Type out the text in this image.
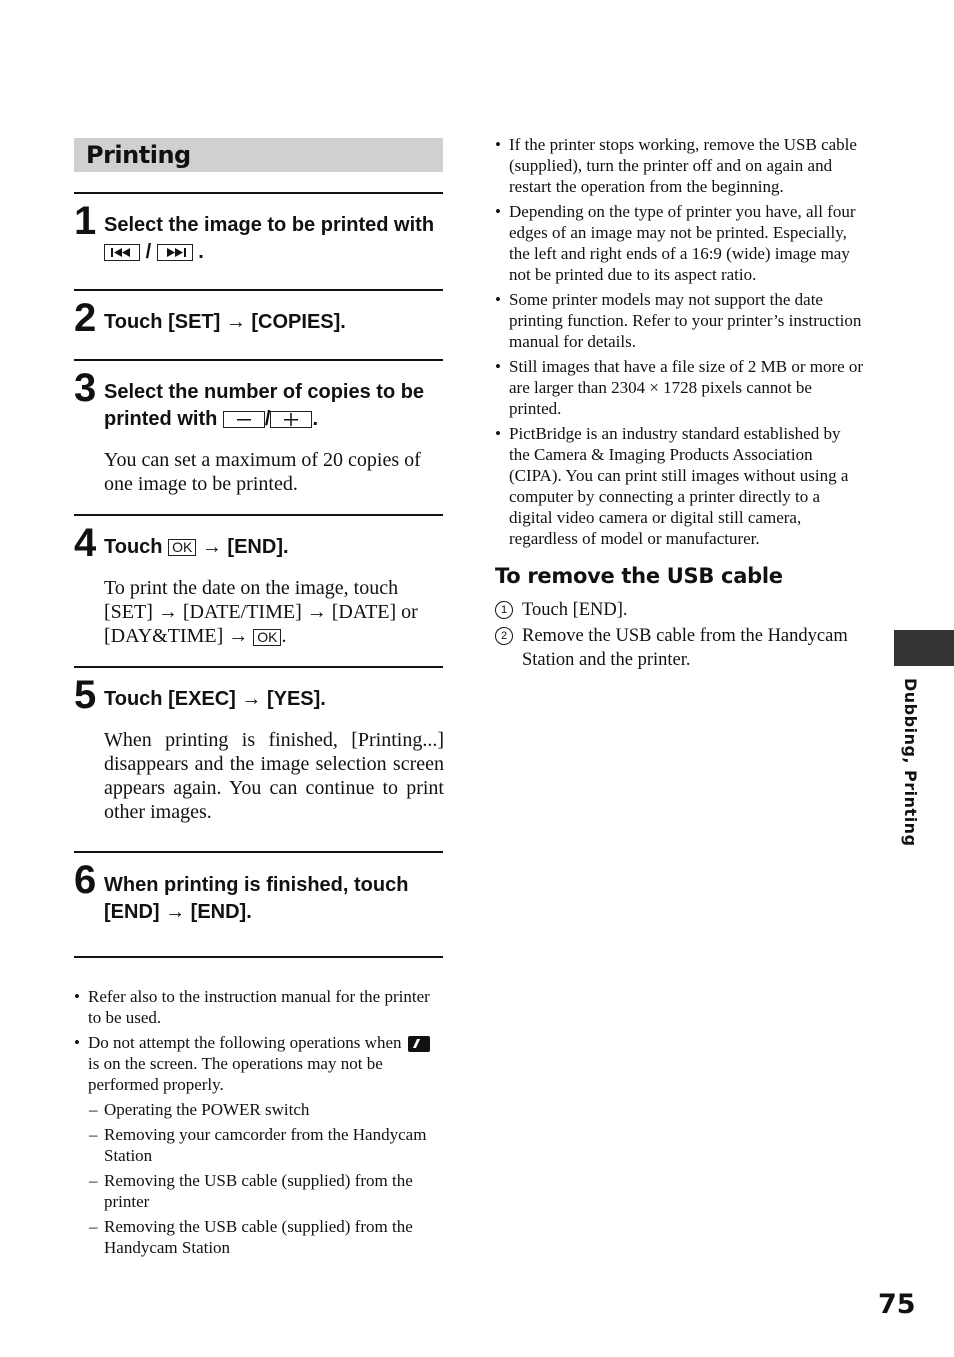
Printing
1 Select the image to be printed with

/ .
2 Touch [SET] → [COPIES].
3 Select the number of copies to be
printed with / .
You can set a maximum of 20 copies of one image to be printed.
4 Touch OK → [END].
To print the date on the image, touch [SET] → [DATE/TIME] → [DATE] or [DAY&TIME] → OK .
5 Touch [EXEC] → [YES].
When printing is finished, [Printing...] disappears and the image selection screen appears again. You can continue to print other images.
6 When printing is finished, touch
[END] → [END].
• Refer also to the instruction manual for the printer to be used.
• Do not attempt the following operations when  is on the screen. The operations may not be performed properly.
– Operating the POWER switch
– Removing your camcorder from the Handycam Station
– Removing the USB cable (supplied) from the printer
– Removing the USB cable (supplied) from the Handycam Station
• If the printer stops working, remove the USB cable (supplied), turn the printer off and on again and restart the operation from the beginning.
• Depending on the type of printer you have, all four edges of an image may not be printed. Especially, the left and right ends of a 16:9 (wide) image may not be printed due to its aspect ratio.
• Some printer models may not support the date printing function. Refer to your printer’s instruction manual for details.
• Still images that have a file size of 2 MB or more or are larger than 2304 × 1728 pixels cannot be printed.
• PictBridge is an industry standard established by the Camera & Imaging Products Association (CIPA). You can print still images without using a computer by connecting a printer directly to a digital video camera or digital still camera, regardless of model or manufacturer.
To remove the USB cable
1 Touch [END].
2 Remove the USB cable from the Handycam Station and the printer.
Dubbing, Printing
75
